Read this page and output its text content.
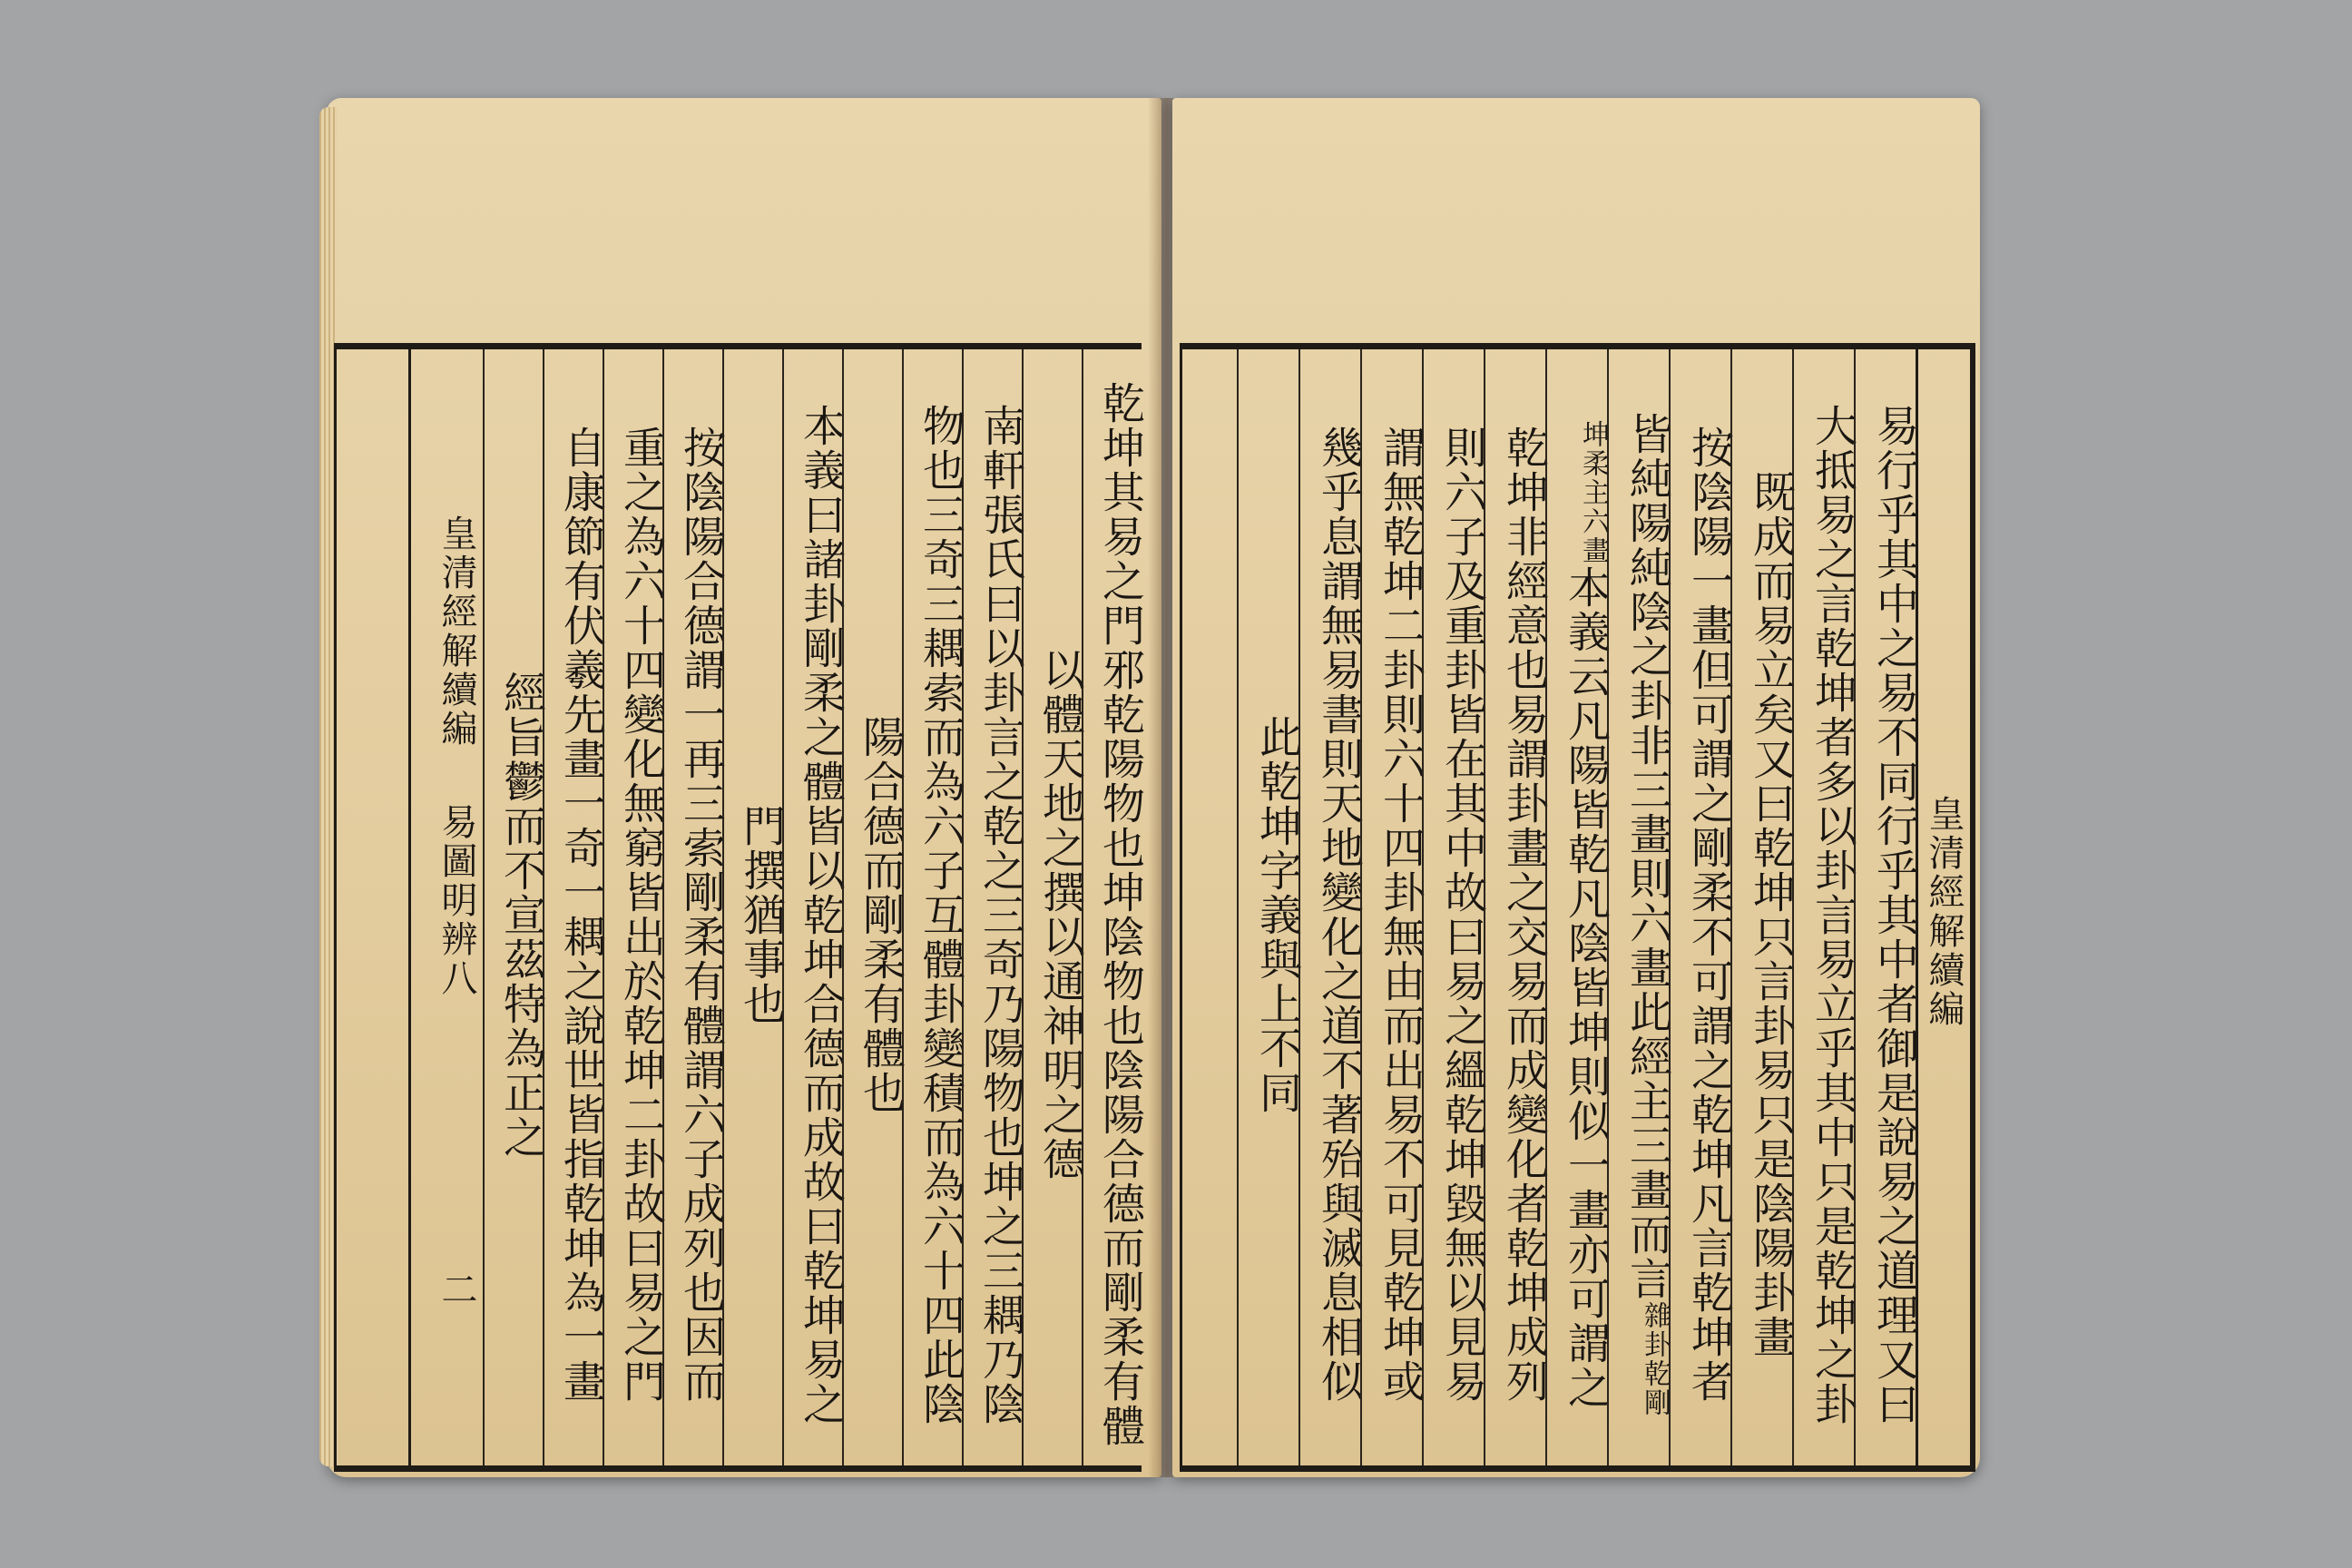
乾坤其易之門邪乾陽物也坤陰物也陰陽合德而剛柔有體
以體天地之撰以通神明之德
南軒張氏曰以卦言之乾之三奇乃陽物也坤之三耦乃陰
物也三奇三耦索而為六子互體卦變積而為六十四此陰
陽合德而剛柔有體也
本義曰諸卦剛柔之體皆以乾坤合德而成故曰乾坤易之
門撰猶事也
按陰陽合德謂一再三索剛柔有體謂六子成列也因而
重之為六十四變化無窮皆出於乾坤二卦故曰易之門
自康節有伏羲先畫一奇一耦之說世皆指乾坤為一畫
經旨鬱而不宣茲特為正之
皇清經解續編
易圖明辨八
二
皇清經解續編
易行乎其中之易不同行乎其中者御是說易之道理又曰
大抵易之言乾坤者多以卦言易立乎其中只是乾坤之卦
既成而易立矣又曰乾坤只言卦易只是陰陽卦畫
按陰陽一畫但可謂之剛柔不可謂之乾坤凡言乾坤者
皆純陽純陰之卦非三畫則六畫此經主三畫而言
雜卦乾剛
坤柔主六畫
本義云凡陽皆乾凡陰皆坤則似一畫亦可謂之
乾坤非經意也易謂卦畫之交易而成變化者乾坤成列
則六子及重卦皆在其中故曰易之縕乾坤毀無以見易
謂無乾坤二卦則六十四卦無由而出易不可見乾坤或
幾乎息謂無易書則天地變化之道不著殆與滅息相似
此乾坤字義與上不同
